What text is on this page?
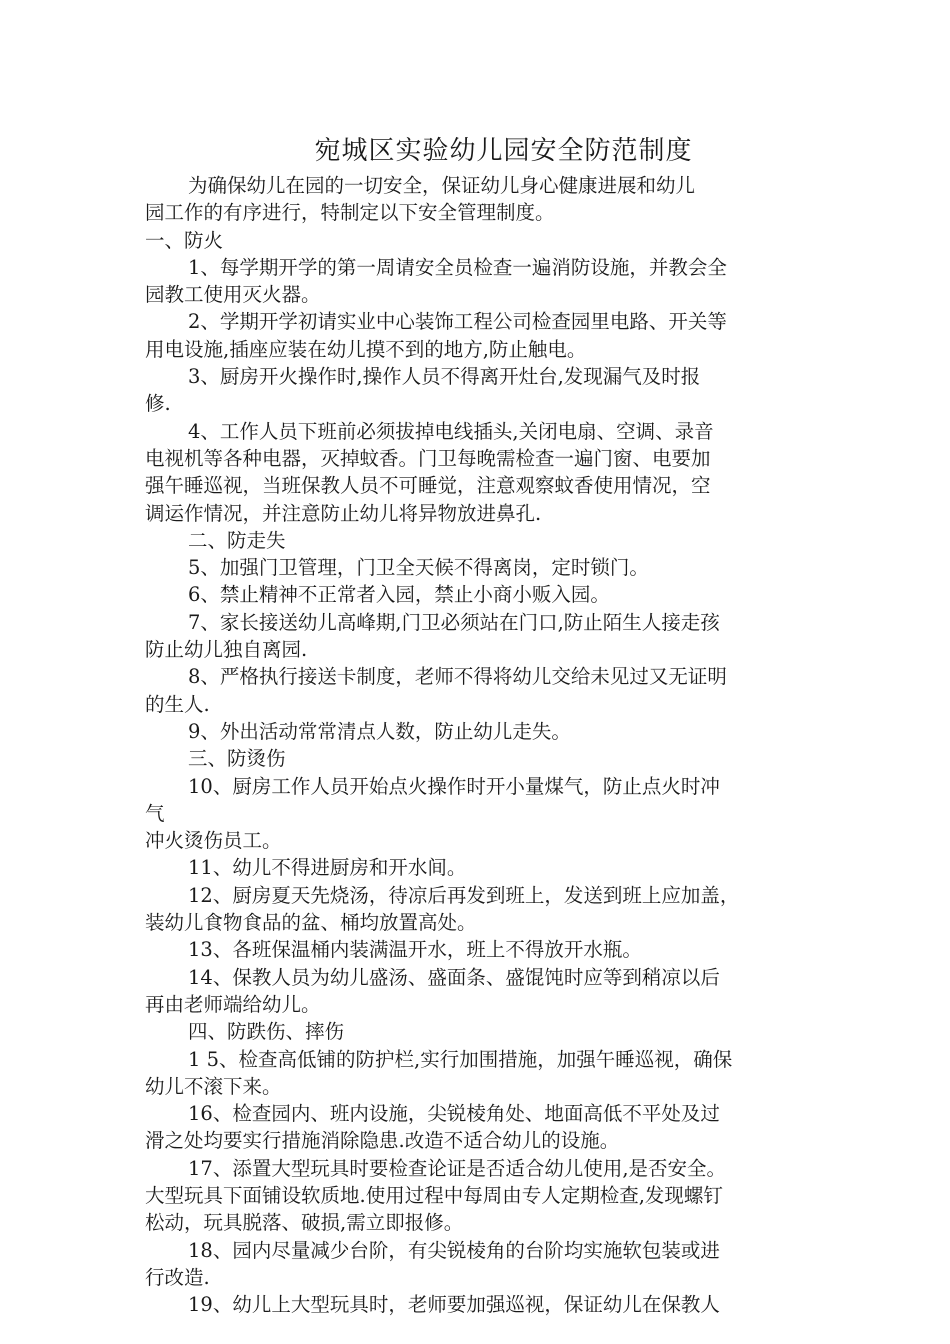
宛城区实验幼儿园安全防范制度
为确保幼儿在园的一切安全，保证幼儿身心健康进展和幼儿
园工作的有序进行，特制定以下安全管理制度。
一、防火
1、每学期开学的第一周请安全员检查一遍消防设施，并教会全
园教工使用灭火器。
2、学期开学初请实业中心装饰工程公司检查园里电路、开关等
用电设施,插座应装在幼儿摸不到的地方,防止触电。
3、厨房开火操作时,操作人员不得离开灶台,发现漏气及时报
修.
4、工作人员下班前必须拔掉电线插头,关闭电扇、空调、录音
电视机等各种电器，灭掉蚊香。门卫每晚需检查一遍门窗、电要加
强午睡巡视，当班保教人员不可睡觉，注意观察蚊香使用情况，空
调运作情况，并注意防止幼儿将异物放进鼻孔.
二、防走失
5、加强门卫管理，门卫全天候不得离岗，定时锁门。
6、禁止精神不正常者入园，禁止小商小贩入园。
7、家长接送幼儿高峰期,门卫必须站在门口,防止陌生人接走孩
防止幼儿独自离园.
8、严格执行接送卡制度，老师不得将幼儿交给未见过又无证明
的生人.
9、外出活动常常清点人数，防止幼儿走失。
三、防烫伤
10、厨房工作人员开始点火操作时开小量煤气，防止点火时冲
气
冲火烫伤员工。
11、幼儿不得进厨房和开水间。
12、厨房夏天先烧汤，待凉后再发到班上，发送到班上应加盖，
装幼儿食物食品的盆、桶均放置高处。
13、各班保温桶内装满温开水，班上不得放开水瓶。
14、保教人员为幼儿盛汤、盛面条、盛馄饨时应等到稍凉以后
再由老师端给幼儿。
四、防跌伤、摔伤
1 5、检查高低铺的防护栏,实行加围措施，加强午睡巡视，确保
幼儿不滚下来。
16、检查园内、班内设施，尖锐棱角处、地面高低不平处及过
滑之处均要实行措施消除隐患.改造不适合幼儿的设施。
17、添置大型玩具时要检查论证是否适合幼儿使用,是否安全。
大型玩具下面铺设软质地.使用过程中每周由专人定期检查,发现螺钉
松动，玩具脱落、破损,需立即报修。
18、园内尽量减少台阶，有尖锐棱角的台阶均实施软包装或进
行改造.
19、幼儿上大型玩具时，老师要加强巡视，保证幼儿在保教人
